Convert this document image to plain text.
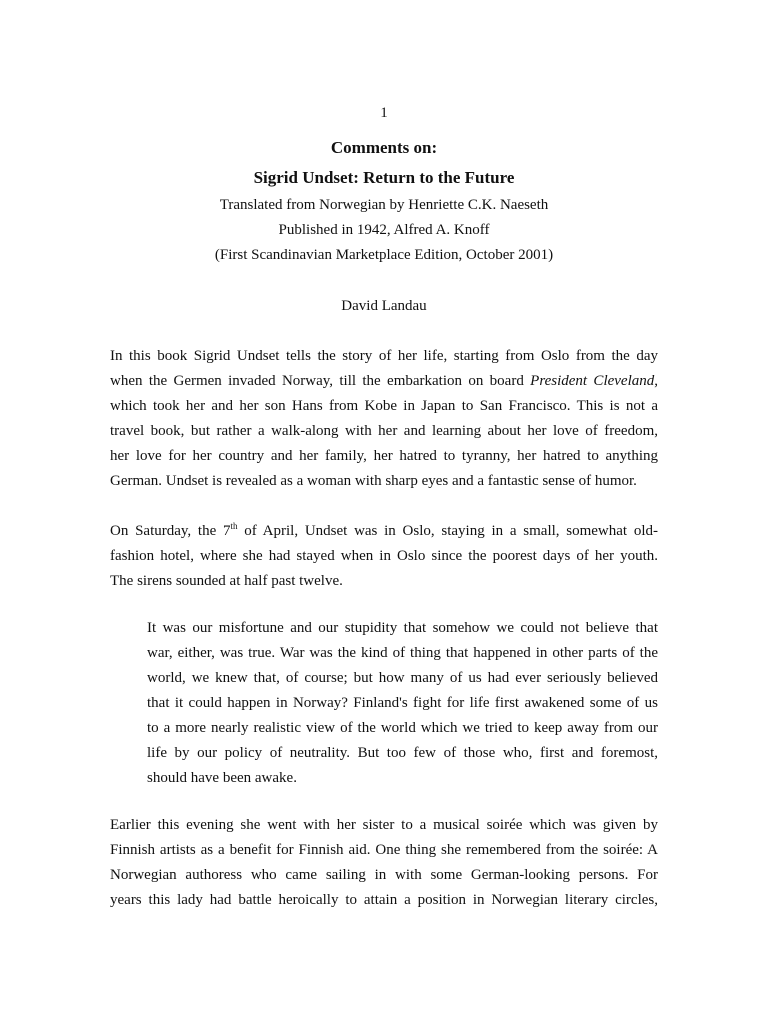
1
Comments on:
Sigrid Undset: Return to the Future
Translated from Norwegian by Henriette C.K. Naeseth
Published in 1942, Alfred A. Knoff
(First Scandinavian Marketplace Edition, October 2001)
David Landau
In this book Sigrid Undset tells the story of her life, starting from Oslo from the day
when the Germen invaded Norway, till the embarkation on board President Cleveland,
which took her and her son Hans from Kobe in Japan to San Francisco. This is not a
travel book, but rather a walk-along with her and learning about her love of freedom,
her love for her country and her family, her hatred to tyranny, her hatred to anything
German. Undset is revealed as a woman with sharp eyes and a fantastic sense of humor.
On Saturday, the 7th of April, Undset was in Oslo, staying in a small, somewhat old-
fashion hotel, where she had stayed when in Oslo since the poorest days of her youth.
The sirens sounded at half past twelve.
It was our misfortune and our stupidity that somehow we could not believe that
war, either, was true. War was the kind of thing that happened in other parts of the
world, we knew that, of course; but how many of us had ever seriously believed
that it could happen in Norway? Finland's fight for life first awakened some of us
to a more nearly realistic view of the world which we tried to keep away from our
life by our policy of neutrality. But too few of those who, first and foremost,
should have been awake.
Earlier this evening she went with her sister to a musical soirée which was given by
Finnish artists as a benefit for Finnish aid. One thing she remembered from the soirée: A
Norwegian authoress who came sailing in with some German-looking persons. For
years this lady had battle heroically to attain a position in Norwegian literary circles,
